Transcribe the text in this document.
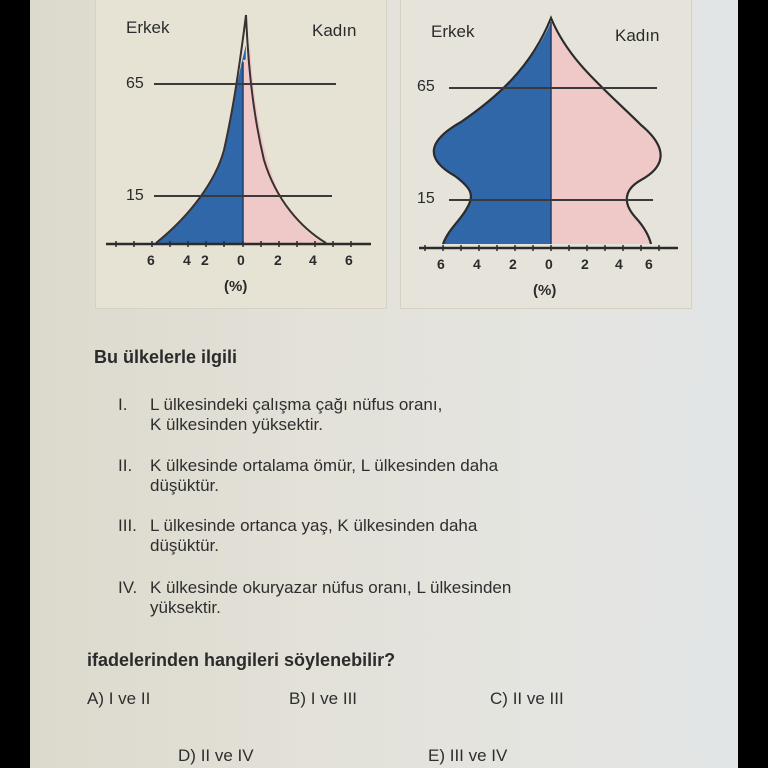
Erkek	Kadın
65
15
6 4 2 0 2 4 6
(%)
Erkek	Kadın
65
15
6 4 2 0 2 4 6
(%)
Bu ülkelerle ilgili
I. L ülkesindeki çalışma çağı nüfus oranı,
K ülkesinden yüksektir.
II. K ülkesinde ortalama ömür, L ülkesinden daha
düşüktür.
III. L ülkesinde ortanca yaş, K ülkesinden daha
düşüktür.
IV. K ülkesinde okuryazar nüfus oranı, L ülkesinden
yüksektir.
ifadelerinden hangileri söylenebilir?
A) I ve II	B) I ve III	C) II ve III
D) II ve IV	E) III ve IV
